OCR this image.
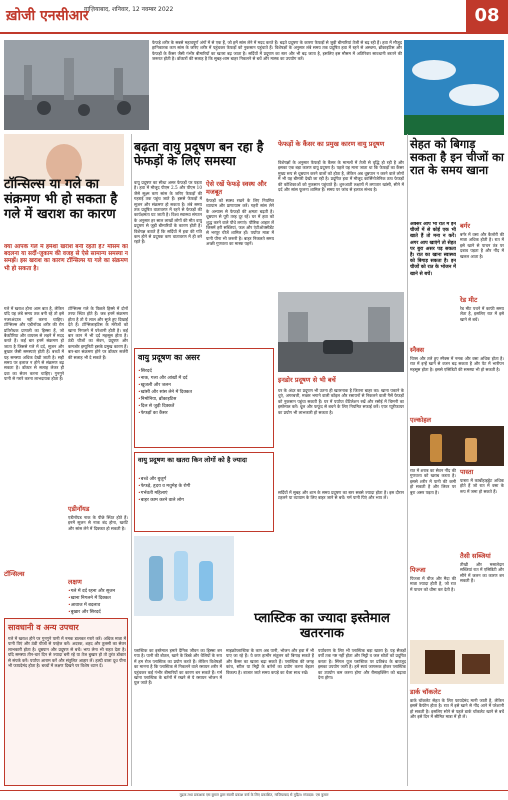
ख़ोजी एनसीआर
ग़ाज़ियाबाद, शनिवार, 12 नवम्बर 2022	08
फेफड़े शरीर के सबसे महत्वपूर्ण अंगों में से एक हैं, जो हमें सांस लेने में मदद करते हैं। बढ़ते प्रदूषण के कारण फेफड़ों से जुड़ी बीमारियां तेजी से बढ़ रही हैं। हवा में मौजूद हानिकारक कण सांस के जरिए शरीर में पहुंचकर फेफड़ों को नुकसान पहुंचाते हैं। विशेषज्ञों के अनुसार लंबे समय तक प्रदूषित हवा में रहने से अस्थमा, ब्रोंकाइटिस और फेफड़ों के कैंसर जैसी गंभीर बीमारियों का खतरा बढ़ जाता है। सर्दियों में प्रदूषण का स्तर और भी बढ़ जाता है, इसलिए इस मौसम में अतिरिक्त सावधानी बरतने की जरूरत होती है। डॉक्टरों की सलाह है कि सुबह-शाम बाहर निकलने से बचें और मास्क का उपयोग करें।
टॉन्सिल्स या गले का संक्रमण भी हो सकता है गले में खराश का कारण
क्या आपके गले में हमेशा खराश बनी रहती है? मौसम का बदलना या सर्दी-जुकाम की वजह से ऐसे सामान्य समस्या न समझें। इस खराश का कारण टॉन्सिल्स या गले का संक्रमण भी हो सकता है।
गले में खराश होना आम बात है, लेकिन यदि यह लंबे समय तक बनी रहे तो इसे नजरअंदाज नहीं करना चाहिए। टॉन्सिल्स और एडीनॉयड शरीर की रोग प्रतिरोधक प्रणाली का हिस्सा हैं, जो बैक्टीरिया और वायरस से लड़ने में मदद करते हैं। कई बार इनमें संक्रमण हो जाता है जिससे गले में दर्द, सूजन और बुखार जैसी समस्याएं होती हैं। बच्चों में यह समस्या अधिक देखी जाती है। सही समय पर इलाज न होने से संक्रमण बढ़ सकता है। डॉक्टर से सलाह लेकर ही दवा का सेवन करना चाहिए। गुनगुने पानी से गरारे करना लाभदायक होता है।
एडीनॉयड
टॉन्सिल्स गले के पिछले हिस्से में दोनों तरफ स्थित होते हैं। जब इनमें संक्रमण होता है तो ये लाल और सूजे हुए दिखाई देते हैं। टॉन्सिलाइटिस के मरीजों को खाना निगलने में परेशानी होती है। कई बार कान में भी दर्द महसूस होता है। ठंडी चीजों का सेवन, प्रदूषण और कमजोर इम्यूनिटी इसके प्रमुख कारण हैं। बार-बार संक्रमण होने पर डॉक्टर सर्जरी की सलाह भी दे सकते हैं।
एडीनॉयड नाक के पीछे स्थित होते हैं। इनमें सूजन से नाक बंद होना, खर्राटे और सांस लेने में दिक्कत हो सकती है।
टॉन्सिल्स
लक्षण
• गले में दर्द रहना और सूजन
• खाना निगलने में दिक्कत
• आवाज में बदलाव
• बुखार और सिरदर्द
सावधानी व अन्य उपचार
गले में खराश होने पर गुनगुने पानी में नमक डालकर गरारे करें। अधिक मात्रा में पानी पिएं और ठंडी चीजों से परहेज करें। अदरक, शहद और तुलसी का सेवन लाभकारी होता है। धूम्रपान और प्रदूषण से बचें। भाप लेना भी राहत देता है। यदि समस्या तीन-चार दिन से ज्यादा बनी रहे या तेज बुखार हो तो तुरंत डॉक्टर से संपर्क करें। पर्याप्त आराम करें और संतुलित आहार लें। हल्दी वाला दूध पीना भी फायदेमंद होता है। बच्चों में लक्षण दिखने पर विशेष ध्यान दें।
बढ़ता वायु प्रदूषण बन रहा है फेफड़ों के लिए समस्या
फेफड़ों के कैंसर का प्रमुख कारण वायु प्रदूषण
वायु प्रदूषण का सीधा असर फेफड़ों पर पड़ता है। हवा में मौजूद पीएम 2.5 और पीएम 10 जैसे सूक्ष्म कण सांस के जरिए फेफड़ों की गहराई तक पहुंच जाते हैं। इससे फेफड़ों में सूजन और संक्रमण हो सकता है। लंबे समय तक प्रदूषित वातावरण में रहने से फेफड़ों की कार्यक्षमता घट जाती है। विश्व स्वास्थ्य संगठन के अनुसार हर साल लाखों लोगों की मौत वायु प्रदूषण से जुड़ी बीमारियों के कारण होती है। विशेषज्ञ बताते हैं कि सर्दियों में हवा की गति कम होने से प्रदूषक कण वातावरण में ही बने रहते हैं।
ऐसे रखें फेफड़े स्वस्थ और मजबूत
फेफड़ों को स्वस्थ रखने के लिए नियमित व्यायाम और प्राणायाम करें। गहरी सांस लेने के अभ्यास से फेफड़ों की क्षमता बढ़ती है। धूम्रपान से पूरी तरह दूर रहें। घर में हवा को शुद्ध करने वाले पौधे लगाएं। पौष्टिक आहार लें जिसमें हरी सब्जियां, फल और एंटीऑक्सीडेंट से भरपूर चीजें शामिल हों। पर्याप्त मात्रा में पानी पीना भी जरूरी है। बाहर निकलते समय अच्छी गुणवत्ता का मास्क पहनें।
वायु प्रदूषण का असर
• सिरदर्द
• नाक, गला और आंखों में दर्द
• खुजली और जलन
• खांसी और सांस लेने में दिक्कत
• निमोनिया, ब्रोंकाइटिस
• दिल से जुड़ी दिक्कतें
• फेफड़ों का कैंसर
वायु प्रदूषण का खतरा किन लोगों को है ज्यादा
• बच्चे और बुजुर्ग
• फेफड़े, हृदय व मधुमेह के रोगी
• गर्भवती महिलाएं
• बाहर काम करने वाले लोग
विशेषज्ञों के अनुसार फेफड़ों के कैंसर के मामलों में तेजी से वृद्धि हो रही है और इसका एक बड़ा कारण वायु प्रदूषण है। पहले यह माना जाता था कि फेफड़ों का कैंसर मुख्य रूप से धूम्रपान करने वालों को होता है, लेकिन अब धूम्रपान न करने वाले लोगों में भी यह बीमारी देखी जा रही है। प्रदूषित हवा में मौजूद कार्सिनोजेनिक तत्व फेफड़ों की कोशिकाओं को नुकसान पहुंचाते हैं। शुरुआती लक्षणों में लगातार खांसी, सीने में दर्द और सांस फूलना शामिल हैं। समय पर जांच से इलाज संभव है।
इनडोर प्रदूषण से भी बचें
घर के अंदर का प्रदूषण भी उतना ही खतरनाक है जितना बाहर का। खाना पकाने के धुएं, अगरबत्ती, मच्छर भगाने वाली कॉइल और रसायनों से निकलने वाली गैसें फेफड़ों को नुकसान पहुंचा सकती हैं। घर में पर्याप्त वेंटिलेशन रखें और रसोई में चिमनी का इस्तेमाल करें। धूल और फफूंद से बचने के लिए नियमित सफाई करें। एयर प्यूरीफायर का प्रयोग भी लाभकारी हो सकता है।
सर्दियों में सुबह और शाम के समय प्रदूषण का स्तर सबसे ज्यादा होता है। इस दौरान टहलने या व्यायाम के लिए बाहर जाने से बचें। गर्म पानी पिएं और भाप लें।
प्लास्टिक का ज्यादा इस्तेमाल खतरनाक
प्लास्टिक का इस्तेमाल हमारे दैनिक जीवन का हिस्सा बन गया है। पानी की बोतल, खाने के डिब्बे और थैलियों के रूप में हम रोज प्लास्टिक का प्रयोग करते हैं। लेकिन विशेषज्ञों का मानना है कि प्लास्टिक से निकलने वाले रसायन शरीर में पहुंचकर कई गंभीर बीमारियों का कारण बन सकते हैं। गर्म खाना प्लास्टिक के बर्तनों में रखने से ये रसायन भोजन में घुल जाते हैं।
माइक्रोप्लास्टिक के कण अब पानी, भोजन और हवा में भी पाए जा रहे हैं। ये कण हार्मोन संतुलन को बिगाड़ सकते हैं और कैंसर का खतरा बढ़ा सकते हैं। प्लास्टिक की जगह कांच, स्टील या मिट्टी के बर्तनों का प्रयोग करना बेहतर विकल्प है। बाजार जाते समय कपड़े का थैला साथ रखें।
पर्यावरण के लिए भी प्लास्टिक बड़ा खतरा है। यह सैकड़ों वर्षों तक नष्ट नहीं होता और मिट्टी व जल स्रोतों को प्रदूषित करता है। सिंगल यूज प्लास्टिक पर प्रतिबंध के बावजूद इसका उपयोग जारी है। हमें स्वयं जागरूक होकर प्लास्टिक का उपयोग कम करना होगा और रीसाइक्लिंग को बढ़ावा देना होगा।
सेहत को बिगाड़ सकता है इन चीजों का रात के समय खाना
अक्सर आप भी रात में इन चीजों में से कोई एक भी खाते हैं तो मना न करें। अगर आप खाएंगे तो सेहत पर बुरा असर पड़ सकता है। रात का खाना स्वास्थ्य को बिगाड़ सकता है। इन चीजों को रात के भोजन में खाने से बचें।
बर्गर
बर्गर में वसा और कैलोरी की मात्रा अधिक होती है। रात में इसे खाने से पाचन तंत्र पर दबाव पड़ता है और नींद में खलल आता है।
रेड मीट
रेड मीट पचने में काफी समय लेता है, इसलिए रात में इसे खाने से बचें।
स्नैक्स
चिप्स और तले हुए स्नैक्स में नमक और वसा अधिक होता है। रात में इन्हें खाने से वजन बढ़ सकता है और पेट में भारीपन महसूस होता है। इससे एसिडिटी की समस्या भी हो सकती है।
एल्कोहल
रात में शराब का सेवन नींद की गुणवत्ता को खराब करता है। इससे शरीर में पानी की कमी हो सकती है और लिवर पर बुरा असर पड़ता है।
पिज्जा
पिज्जा में चीज और मैदा की मात्रा ज्यादा होती है, जो रात में पाचन को धीमा कर देती है।
पास्ता
पास्ता में कार्बोहाइड्रेट अधिक होते हैं जो रात में वसा के रूप में जमा हो सकते हैं।
तैसी सब्जियां
तीखी और मसालेदार सब्जियां रात में एसिडिटी और सीने में जलन का कारण बन सकती हैं।
डार्क चॉकलेट
डार्क चॉकलेट सेहत के लिए फायदेमंद मानी जाती है, लेकिन इसमें कैफीन होता है। रात में इसे खाने से नींद आने में परेशानी हो सकती है। इसलिए सोने से पहले डार्क चॉकलेट खाने से बचें और इसे दिन में सीमित मात्रा में ही लें।
मुद्रक तथा प्रकाशक एस कुमार द्वारा स्वामी प्रकाश वर्मा के लिए प्रकाशित, गाजियाबाद से मुद्रित। संपादक: एस कुमार
